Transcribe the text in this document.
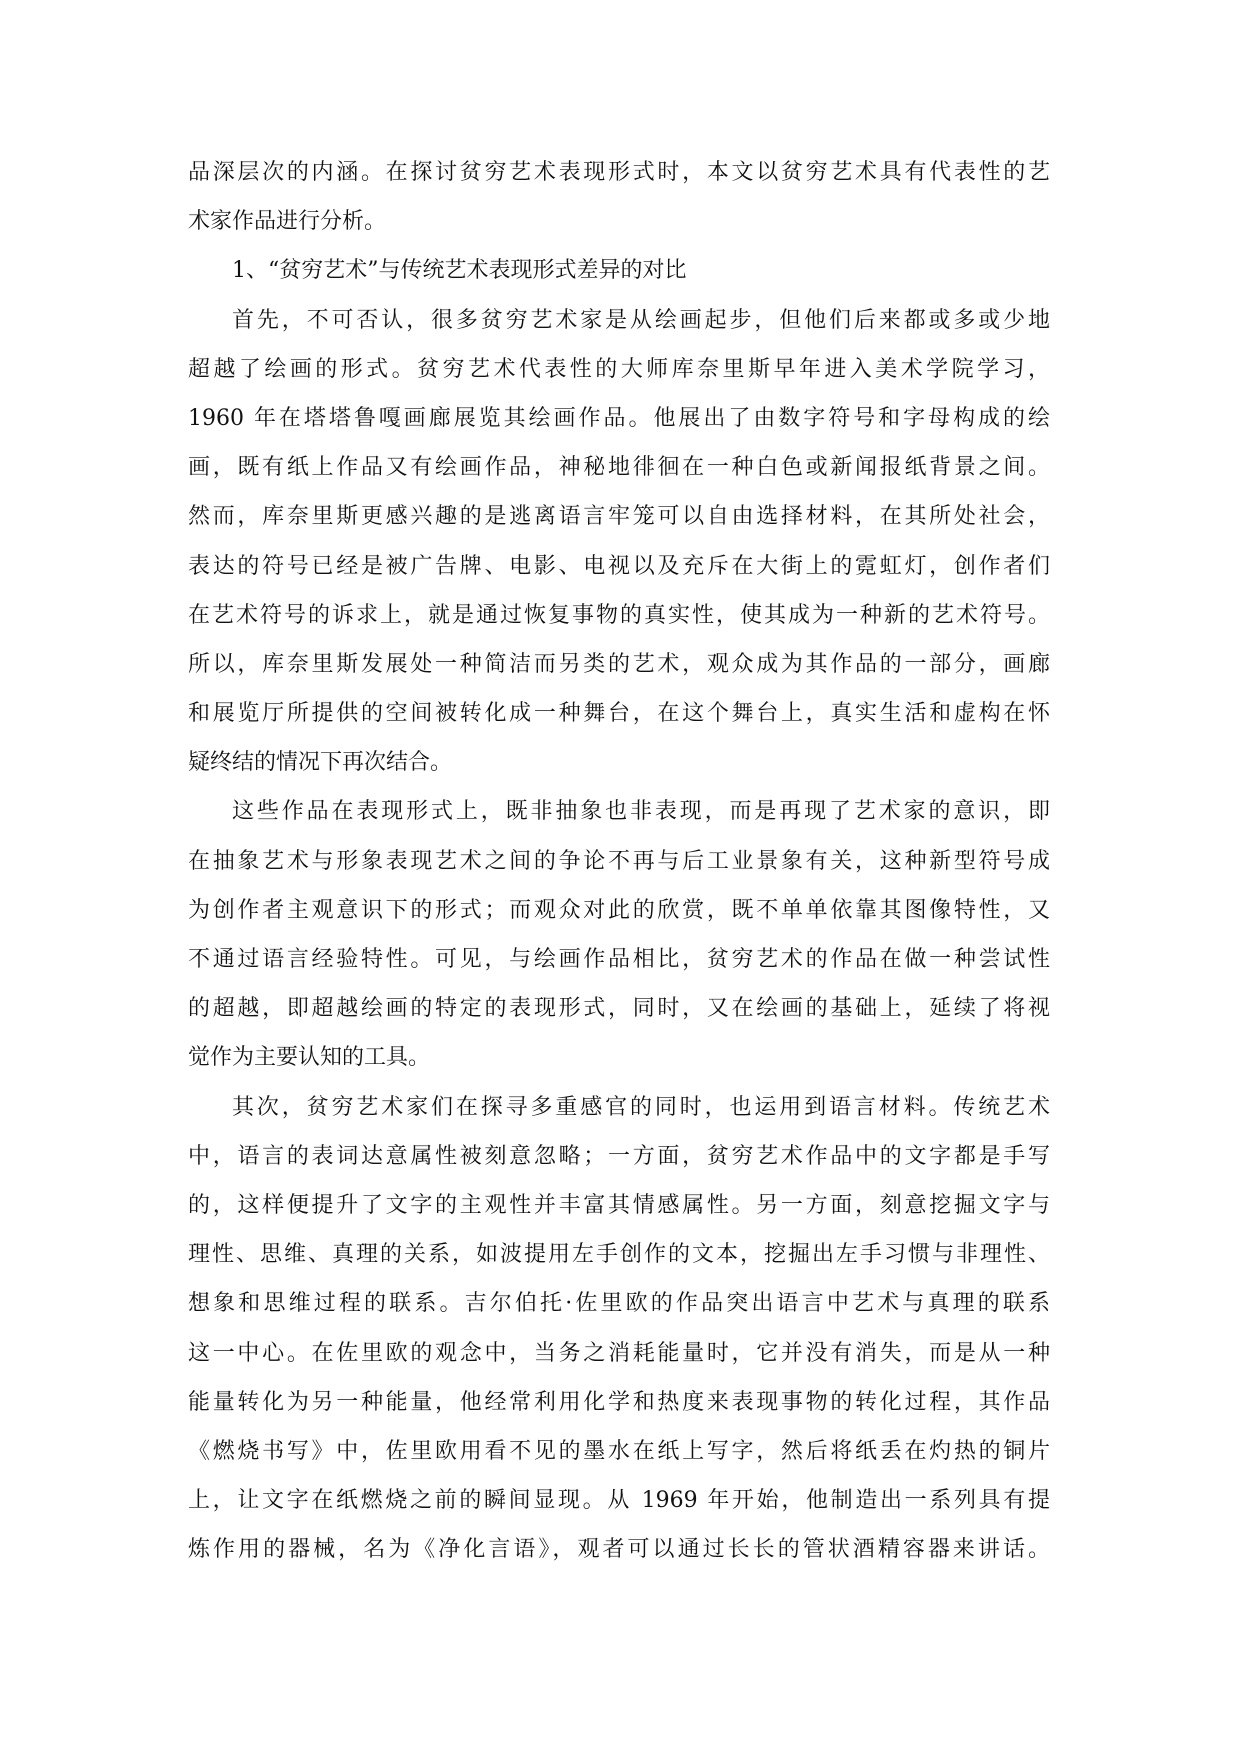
品深层次的内涵。在探讨贫穷艺术表现形式时，本文以贫穷艺术具有代表性的艺
术家作品进行分析。
1、“贫穷艺术”与传统艺术表现形式差异的对比
首先，不可否认，很多贫穷艺术家是从绘画起步，但他们后来都或多或少地
超越了绘画的形式。贫穷艺术代表性的大师库奈里斯早年进入美术学院学习，
1960 年在塔塔鲁嘎画廊展览其绘画作品。他展出了由数字符号和字母构成的绘
画，既有纸上作品又有绘画作品，神秘地徘徊在一种白色或新闻报纸背景之间。
然而，库奈里斯更感兴趣的是逃离语言牢笼可以自由选择材料，在其所处社会，
表达的符号已经是被广告牌、电影、电视以及充斥在大街上的霓虹灯，创作者们
在艺术符号的诉求上，就是通过恢复事物的真实性，使其成为一种新的艺术符号。
所以，库奈里斯发展处一种简洁而另类的艺术，观众成为其作品的一部分，画廊
和展览厅所提供的空间被转化成一种舞台，在这个舞台上，真实生活和虚构在怀
疑终结的情况下再次结合。
这些作品在表现形式上，既非抽象也非表现，而是再现了艺术家的意识，即
在抽象艺术与形象表现艺术之间的争论不再与后工业景象有关，这种新型符号成
为创作者主观意识下的形式；而观众对此的欣赏，既不单单依靠其图像特性，又
不通过语言经验特性。可见，与绘画作品相比，贫穷艺术的作品在做一种尝试性
的超越，即超越绘画的特定的表现形式，同时，又在绘画的基础上，延续了将视
觉作为主要认知的工具。
其次，贫穷艺术家们在探寻多重感官的同时，也运用到语言材料。传统艺术
中，语言的表词达意属性被刻意忽略；一方面，贫穷艺术作品中的文字都是手写
的，这样便提升了文字的主观性并丰富其情感属性。另一方面，刻意挖掘文字与
理性、思维、真理的关系，如波提用左手创作的文本，挖掘出左手习惯与非理性、
想象和思维过程的联系。吉尔伯托·佐里欧的作品突出语言中艺术与真理的联系
这一中心。在佐里欧的观念中，当务之消耗能量时，它并没有消失，而是从一种
能量转化为另一种能量，他经常利用化学和热度来表现事物的转化过程，其作品
《燃烧书写》中，佐里欧用看不见的墨水在纸上写字，然后将纸丢在灼热的铜片
上，让文字在纸燃烧之前的瞬间显现。从 1969 年开始，他制造出一系列具有提
炼作用的器械，名为《净化言语》，观者可以通过长长的管状酒精容器来讲话。
